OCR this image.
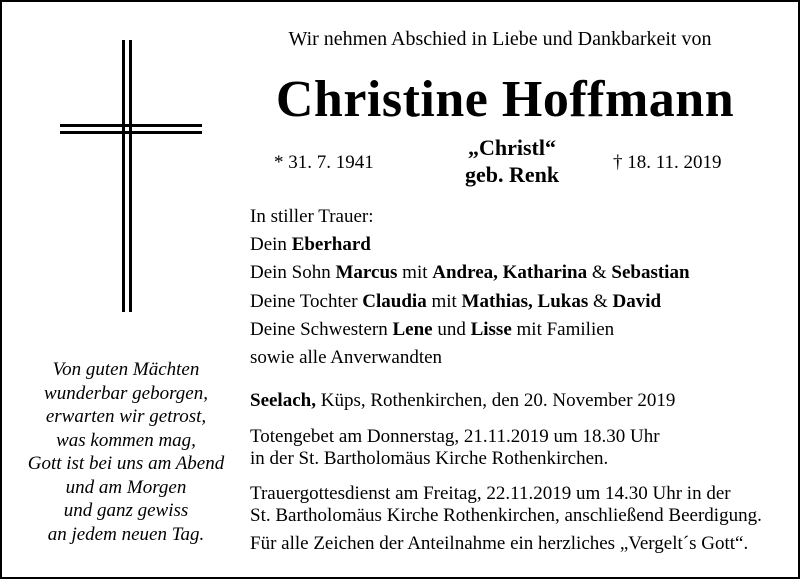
Wir nehmen Abschied in Liebe und Dankbarkeit von
Christine Hoffmann
* 31. 7. 1941
„Christl“
geb. Renk	† 18. 11. 2019
In stiller Trauer:
Dein Eberhard
Dein Sohn Marcus mit Andrea, Katharina & Sebastian
Deine Tochter Claudia mit Mathias, Lukas & David
Deine Schwestern Lene und Lisse mit Familien
sowie alle Anverwandten
Seelach, Küps, Rothenkirchen, den 20. November 2019
Totengebet am Donnerstag, 21.11.2019 um 18.30 Uhr
in der St. Bartholomäus Kirche Rothenkirchen.
Trauergottesdienst am Freitag, 22.11.2019 um 14.30 Uhr in der
St. Bartholomäus Kirche Rothenkirchen, anschließend Beerdigung.
Für alle Zeichen der Anteilnahme ein herzliches „Vergelt´s Gott“.
Von guten Mächten
wunderbar geborgen,
erwarten wir getrost,
was kommen mag,
Gott ist bei uns am Abend
und am Morgen
und ganz gewiss
an jedem neuen Tag.
